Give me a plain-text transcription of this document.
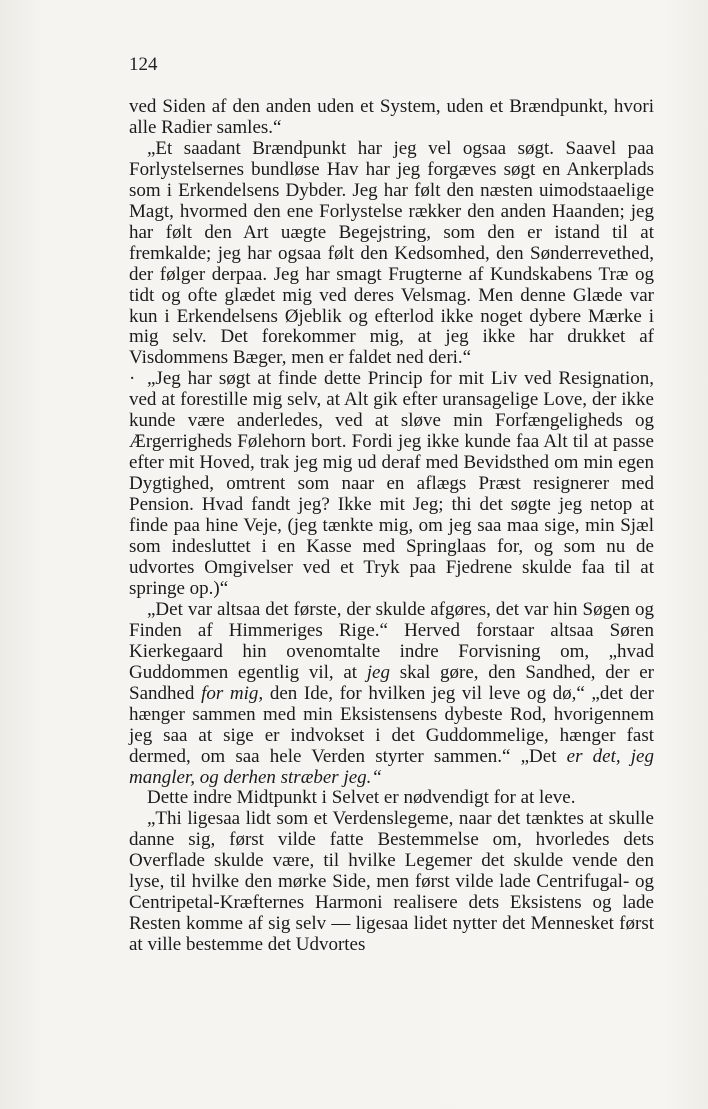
124

ved Siden af den anden uden et System, uden et Brændpunkt, hvori alle Radier samles.“

„Et saadant Brændpunkt har jeg vel ogsaa søgt. Saavel paa Forlystelsernes bundløse Hav har jeg forgæves søgt en Ankerplads som i Erkendelsens Dybder. Jeg har følt den næsten uimodstaaelige Magt, hvormed den ene Forlystelse rækker den anden Haanden; jeg har følt den Art uægte Begejstring, som den er istand til at fremkalde; jeg har ogsaa følt den Kedsomhed, den Sønderrevethed, der følger derpaa. Jeg har smagt Frugterne af Kundskabens Træ og tidt og ofte glædet mig ved deres Velsmag. Men denne Glæde var kun i Erkendelsens Øjeblik og efterlod ikke noget dybere Mærke i mig selv. Det forekommer mig, at jeg ikke har drukket af Visdommens Bæger, men er faldet ned deri.“

· „Jeg har søgt at finde dette Princip for mit Liv ved Resignation, ved at forestille mig selv, at Alt gik efter uransagelige Love, der ikke kunde være anderledes, ved at sløve min Forfængeligheds og Ærgerrigheds Følehorn bort. Fordi jeg ikke kunde faa Alt til at passe efter mit Hoved, trak jeg mig ud deraf med Bevidsthed om min egen Dygtighed, omtrent som naar en aflægs Præst resignerer med Pension. Hvad fandt jeg? Ikke mit Jeg; thi det søgte jeg netop at finde paa hine Veje, (jeg tænkte mig, om jeg saa maa sige, min Sjæl som indesluttet i en Kasse med Springlaas for, og som nu de udvortes Omgivelser ved et Tryk paa Fjedrene skulde faa til at springe op.)“

„Det var altsaa det første, der skulde afgøres, det var hin Søgen og Finden af Himmeriges Rige.“ Herved forstaar altsaa Søren Kierkegaard hin ovenomtalte indre Forvisning om, „hvad Guddommen egentlig vil, at jeg skal gøre, den Sandhed, der er Sandhed for mig, den Ide, for hvilken jeg vil leve og dø,“ „det der hænger sammen med min Eksistensens dybeste Rod, hvorigennem jeg saa at sige er indvokset i det Guddommelige, hænger fast dermed, om saa hele Verden styrter sammen.“ „Det er det, jeg mangler, og derhen stræber jeg.“

Dette indre Midtpunkt i Selvet er nødvendigt for at leve.

„Thi ligesaa lidt som et Verdenslegeme, naar det tænktes at skulle danne sig, først vilde fatte Bestemmelse om, hvorledes dets Overflade skulde være, til hvilke Legemer det skulde vende den lyse, til hvilke den mørke Side, men først vilde lade Centrifugal- og Centripetal-Kræfternes Harmoni realisere dets Eksistens og lade Resten komme af sig selv — ligesaa lidet nytter det Mennesket først at ville bestemme det Udvortes
